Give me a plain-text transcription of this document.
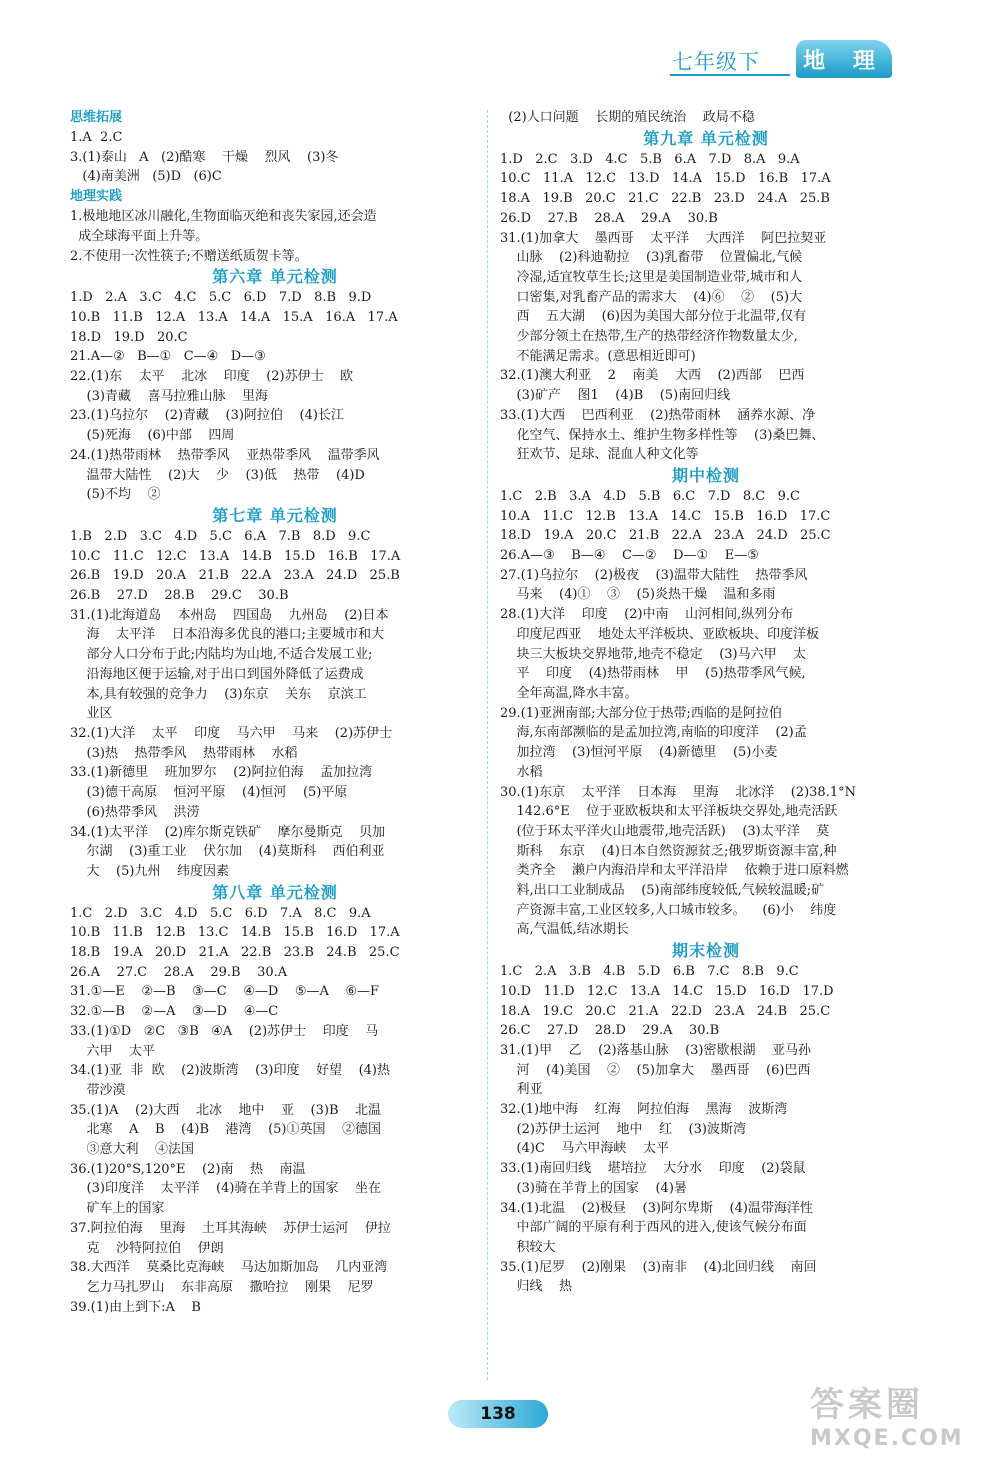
七年级下	地 理
思维拓展
1.A  2.C
3.(1)泰山   A   (2)酷寒    干燥    烈风    (3)冬
(4)南美洲   (5)D   (6)C
地理实践
1.极地地区冰川融化,生物面临灭绝和丧失家园,还会造
成全球海平面上升等。
2.不使用一次性筷子;不赠送纸质贺卡等。
第六章 单元检测
1.D   2.A   3.C   4.C   5.C   6.D   7.D   8.B   9.D
10.B   11.B   12.A   13.A   14.A   15.A   16.A   17.A
18.D   19.D   20.C
21.A—②   B—①   C—④   D—③
22.(1)东    太平    北冰    印度    (2)苏伊士    欧
(3)青藏    喜马拉雅山脉    里海
23.(1)乌拉尔    (2)青藏    (3)阿拉伯    (4)长江
(5)死海    (6)中部    四周
24.(1)热带雨林    热带季风    亚热带季风    温带季风
温带大陆性    (2)大    少    (3)低    热带    (4)D
(5)不均    ②
第七章 单元检测
1.B   2.D   3.C   4.D   5.C   6.A   7.B   8.D   9.C
10.C   11.C   12.C   13.A   14.B   15.D   16.B   17.A
26.B   19.D   20.A   21.B   22.A   23.A   24.D   25.B
26.B    27.D    28.B    29.C    30.B
31.(1)北海道岛    本州岛    四国岛    九州岛    (2)日本
海    太平洋    日本沿海多优良的港口;主要城市和大
部分人口分布于此;内陆均为山地,不适合发展工业;
沿海地区便于运输,对于出口到国外降低了运费成
本,具有较强的竞争力    (3)东京    关东    京滨工
业区
32.(1)大洋    太平    印度    马六甲    马来    (2)苏伊士
(3)热    热带季风    热带雨林    水稻
33.(1)新德里    班加罗尔    (2)阿拉伯海    孟加拉湾
(3)德干高原    恒河平原    (4)恒河    (5)平原
(6)热带季风    洪涝
34.(1)太平洋    (2)库尔斯克铁矿    摩尔曼斯克    贝加
尔湖    (3)重工业    伏尔加    (4)莫斯科    西伯利亚
大    (5)九州    纬度因素
第八章 单元检测
1.C   2.D   3.C   4.D   5.C   6.D   7.A   8.C   9.A
10.B   11.B   12.B   13.C   14.B   15.B   16.D   17.A
18.B   19.A   20.D   21.A   22.B   23.B   24.B   25.C
26.A    27.C    28.A    29.B    30.A
31.①—E    ②—B    ③—C    ④—D    ⑤—A    ⑥—F
32.①—B    ②—A    ③—D    ④—C
33.(1)①D   ②C   ③B   ④A    (2)苏伊士    印度    马
六甲    太平
34.(1)亚  非  欧    (2)波斯湾    (3)印度    好望    (4)热
带沙漠
35.(1)A    (2)大西    北冰    地中    亚    (3)B    北温
北寒    A    B    (4)B    港湾    (5)①英国    ②德国
③意大利    ④法国
36.(1)20°S,120°E    (2)南    热    南温
(3)印度洋    太平洋    (4)骑在羊背上的国家    坐在
矿车上的国家
37.阿拉伯海    里海    土耳其海峡    苏伊士运河    伊拉
克    沙特阿拉伯    伊朗
38.大西洋    莫桑比克海峡    马达加斯加岛    几内亚湾
乞力马扎罗山    东非高原    撒哈拉    刚果    尼罗
39.(1)由上到下:A    B
(2)人口问题    长期的殖民统治    政局不稳
第九章 单元检测
1.D   2.C   3.D   4.C   5.B   6.A   7.D   8.A   9.A
10.C   11.A   12.C   13.D   14.A   15.D   16.B   17.A
18.A   19.B   20.C   21.C   22.B   23.D   24.A   25.B
26.D    27.B    28.A    29.A    30.B
31.(1)加拿大    墨西哥    太平洋    大西洋    阿巴拉契亚
山脉    (2)科迪勒拉    (3)乳畜带    位置偏北,气候
冷湿,适宜牧草生长;这里是美国制造业带,城市和人
口密集,对乳畜产品的需求大    (4)⑥    ②    (5)大
西    五大湖    (6)因为美国大部分位于北温带,仅有
少部分领土在热带,生产的热带经济作物数量太少,
不能满足需求。(意思相近即可)
32.(1)澳大利亚    2    南美    大西    (2)西部    巴西
(3)矿产    图1    (4)B    (5)南回归线
33.(1)大西    巴西利亚    (2)热带雨林    涵养水源、净
化空气、保持水土、维护生物多样性等    (3)桑巴舞、
狂欢节、足球、混血人种文化等
期中检测
1.C   2.B   3.A   4.D   5.B   6.C   7.D   8.C   9.C
10.A   11.C   12.B   13.A   14.C   15.B   16.D   17.C
18.D   19.A   20.C   21.B   22.A   23.A   24.D   25.C
26.A—③    B—④    C—②    D—①    E—⑤
27.(1)乌拉尔    (2)极夜    (3)温带大陆性    热带季风
马来    (4)①    ③    (5)炎热干燥    温和多雨
28.(1)大洋    印度    (2)中南    山河相间,纵列分布
印度尼西亚    地处太平洋板块、亚欧板块、印度洋板
块三大板块交界地带,地壳不稳定    (3)马六甲    太
平    印度    (4)热带雨林    甲    (5)热带季风气候,
全年高温,降水丰富。
29.(1)亚洲南部;大部分位于热带;西临的是阿拉伯
海,东南部濒临的是孟加拉湾,南临的印度洋    (2)孟
加拉湾    (3)恒河平原    (4)新德里    (5)小麦
水稻
30.(1)东京    太平洋    日本海    里海    北冰洋    (2)38.1°N
142.6°E    位于亚欧板块和太平洋板块交界处,地壳活跃
(位于环太平洋火山地震带,地壳活跃)    (3)太平洋    莫
斯科    东京    (4)日本自然资源贫乏;俄罗斯资源丰富,种
类齐全    濑户内海沿岸和太平洋沿岸    依赖于进口原料燃
料,出口工业制成品    (5)南部纬度较低,气候较温暖;矿
产资源丰富,工业区较多,人口城市较多。    (6)小    纬度
高,气温低,结冰期长
期末检测
1.C   2.A   3.B   4.B   5.D   6.B   7.C   8.B   9.C
10.D   11.D   12.C   13.A   14.C   15.D   16.D   17.D
18.A   19.C   20.C   21.A   22.D   23.A   24.B   25.C
26.C    27.D    28.D    29.A    30.B
31.(1)甲    乙    (2)落基山脉    (3)密歇根湖    亚马孙
河    (4)美国    ②    (5)加拿大    墨西哥    (6)巴西
利亚
32.(1)地中海    红海    阿拉伯海    黑海    波斯湾
(2)苏伊士运河    地中    红    (3)波斯湾
(4)C    马六甲海峡    太平
33.(1)南回归线    堪培拉    大分水    印度    (2)袋鼠
(3)骑在羊背上的国家    (4)暑
34.(1)北温    (2)极昼    (3)阿尔卑斯    (4)温带海洋性
中部广阔的平原有利于西风的进入,使该气候分布面
积较大
35.(1)尼罗    (2)刚果    (3)南非    (4)北回归线    南回
归线    热
138	答案圈
MXQE.COM
